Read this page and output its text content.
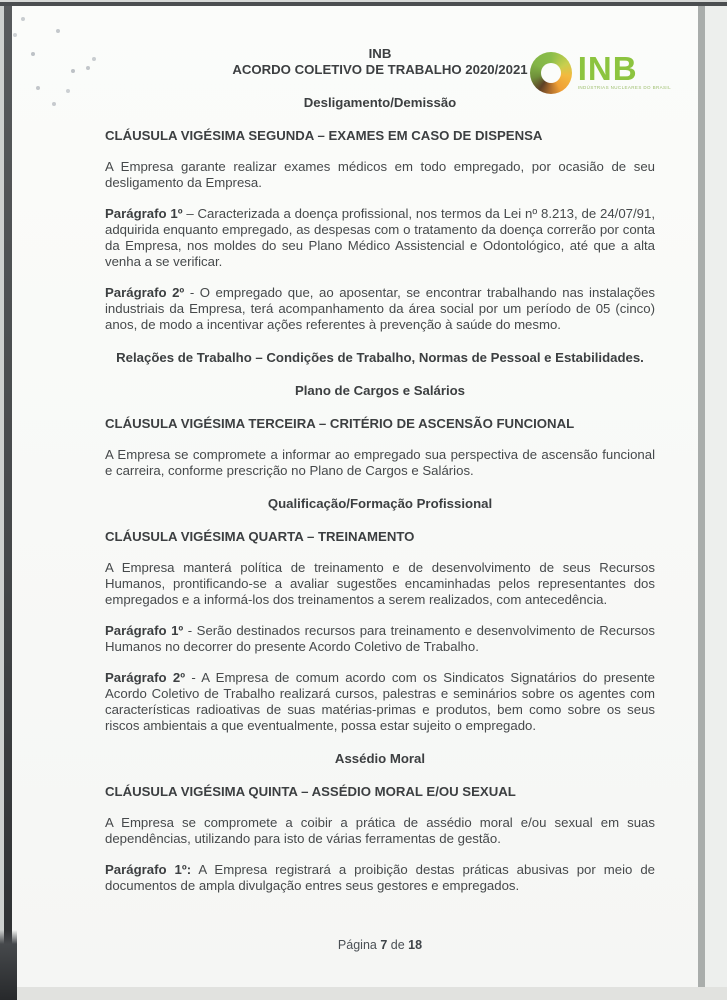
INB
INDÚSTRIAS NUCLEARES DO BRASIL
INB
ACORDO COLETIVO DE TRABALHO 2020/2021
Desligamento/Demissão
CLÁUSULA VIGÉSIMA SEGUNDA – EXAMES EM CASO DE DISPENSA

A Empresa garante realizar exames médicos em todo empregado, por ocasião de seu desligamento da Empresa.

Parágrafo 1º – Caracterizada a doença profissional, nos termos da Lei nº 8.213, de 24/07/91, adquirida enquanto empregado, as despesas com o tratamento da doença correrão por conta da Empresa, nos moldes do seu Plano Médico Assistencial e Odontológico, até que a alta venha a se verificar.

Parágrafo 2º - O empregado que, ao aposentar, se encontrar trabalhando nas instalações industriais da Empresa, terá acompanhamento da área social por um período de 05 (cinco) anos, de modo a incentivar ações referentes à prevenção à saúde do mesmo.

Relações de Trabalho – Condições de Trabalho, Normas de Pessoal e Estabilidades.
Plano de Cargos e Salários
CLÁUSULA VIGÉSIMA TERCEIRA – CRITÉRIO DE ASCENSÃO FUNCIONAL

A Empresa se compromete a informar ao empregado sua perspectiva de ascensão funcional e carreira, conforme prescrição no Plano de Cargos e Salários.

Qualificação/Formação Profissional
CLÁUSULA VIGÉSIMA QUARTA – TREINAMENTO

A Empresa manterá política de treinamento e de desenvolvimento de seus Recursos Humanos, prontificando-se a avaliar sugestões encaminhadas pelos representantes dos empregados e a informá-los dos treinamentos a serem realizados, com antecedência.

Parágrafo 1º - Serão destinados recursos para treinamento e desenvolvimento de Recursos Humanos no decorrer do presente Acordo Coletivo de Trabalho.

Parágrafo 2º - A Empresa de comum acordo com os Sindicatos Signatários do presente Acordo Coletivo de Trabalho realizará cursos, palestras e seminários sobre os agentes com características radioativas de suas matérias-primas e produtos, bem como sobre os seus riscos ambientais a que eventualmente, possa estar sujeito o empregado.

Assédio Moral
CLÁUSULA VIGÉSIMA QUINTA – ASSÉDIO MORAL E/OU SEXUAL

A Empresa se compromete a coibir a prática de assédio moral e/ou sexual em suas dependências, utilizando para isto de várias ferramentas de gestão.

Parágrafo 1º: A Empresa registrará a proibição destas práticas abusivas por meio de documentos de ampla divulgação entres seus gestores e empregados.

Página 7 de 18
